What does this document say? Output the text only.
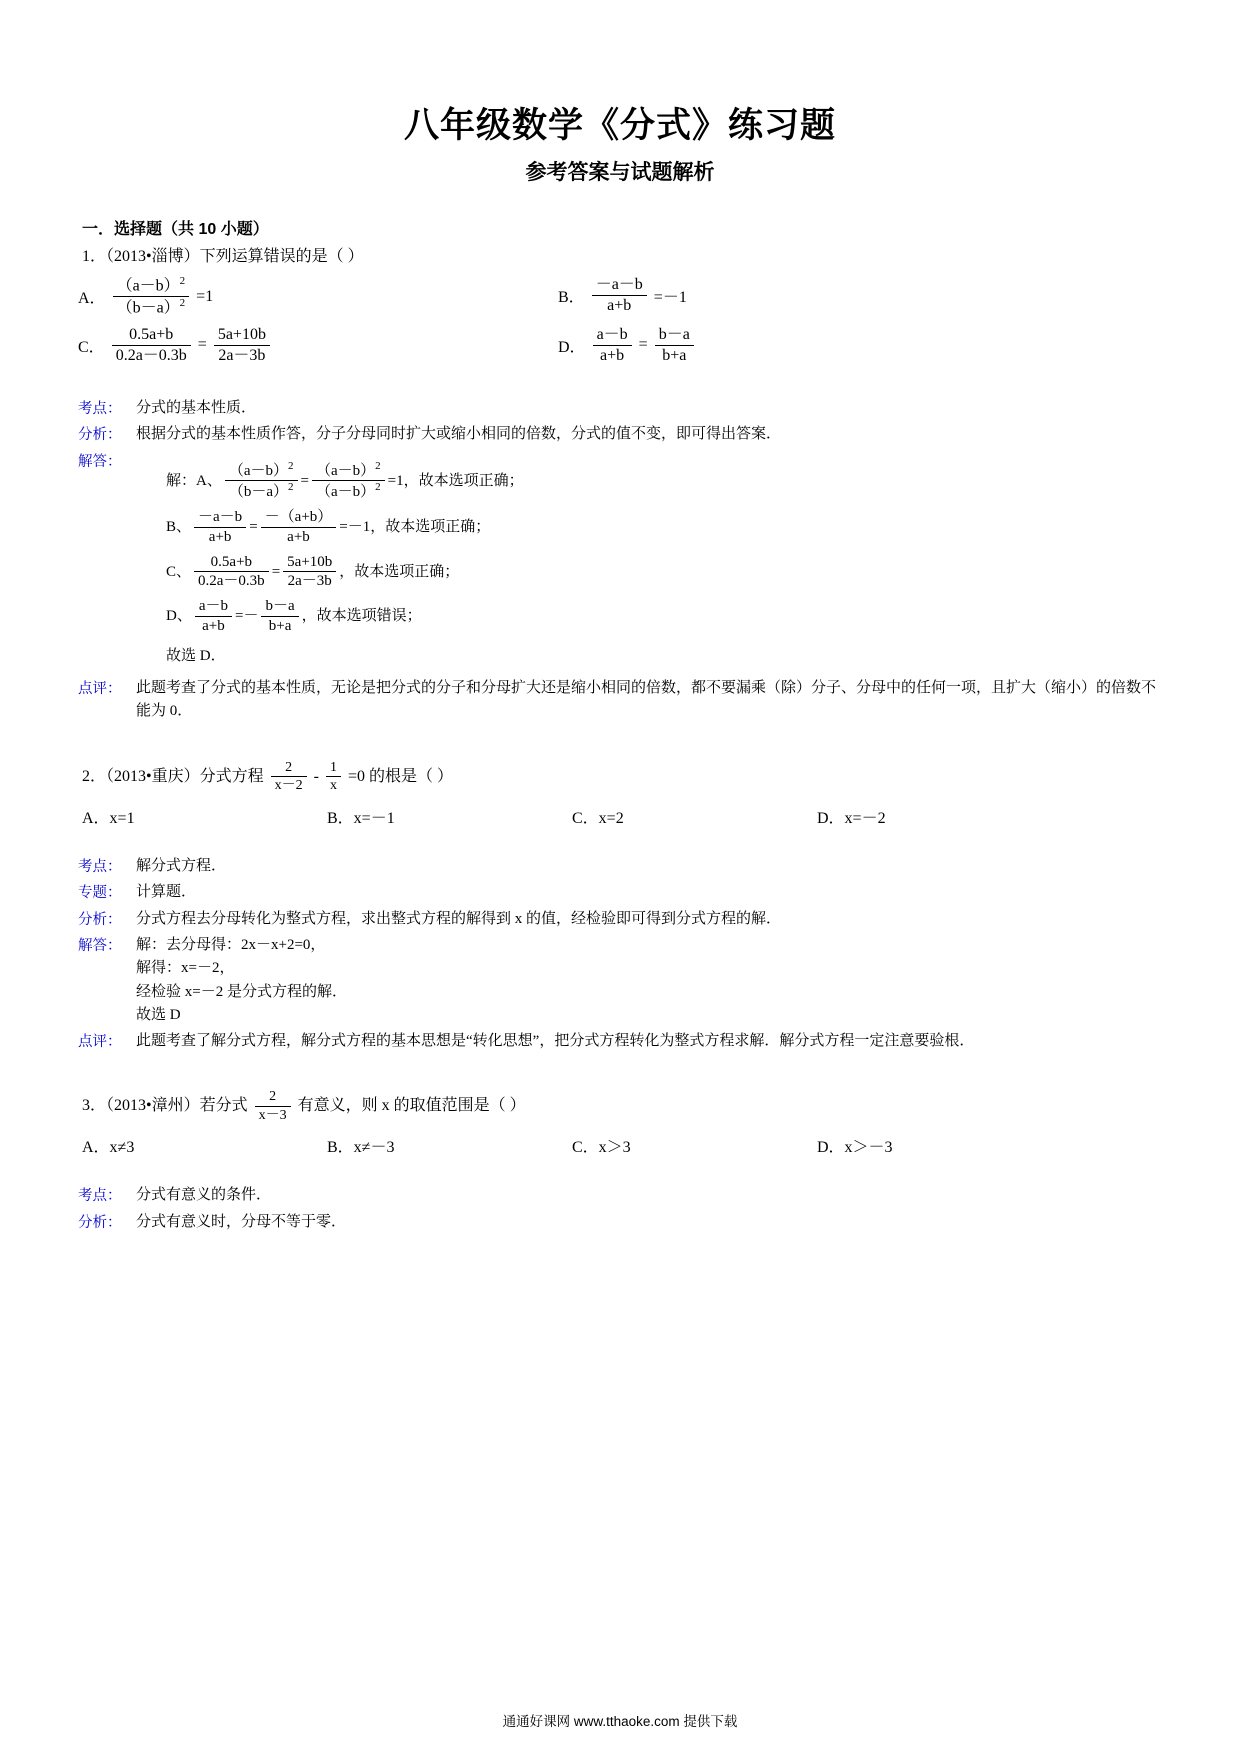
八年级数学《分式》练习题
参考答案与试题解析
一．选择题（共 10 小题）
1．（2013•淄博）下列运算错误的是（ ）
A． $\frac{(a-b)^2}{(b-a)^2} =1$	B． $\frac{-a-b}{a+b} =-1$
C． $\frac{0.5a+b}{0.2a-0.3b} = \frac{5a+10b}{2a-3b}$	D． $\frac{a-b}{a+b} = \frac{b-a}{b+a}$
考点： 分式的基本性质．
分析： 根据分式的基本性质作答，分子分母同时扩大或缩小相同的倍数，分式的值不变，即可得出答案．
解答：
解：A、 $\frac{(a-b)^2}{(b-a)^2} = \frac{(a-b)^2}{(a-b)^2} =1$，故本选项正确；
B、 $\frac{-a-b}{a+b} = \frac{-(a+b)}{a+b} =-1$，故本选项正确；
C、 $\frac{0.5a+b}{0.2a-0.3b} = \frac{5a+10b}{2a-3b}$ ，故本选项正确；
D、 $\frac{a-b}{a+b} =- \frac{b-a}{b+a}$ ，故本选项错误；
故选 D．
点评： 此题考查了分式的基本性质，无论是把分式的分子和分母扩大还是缩小相同的倍数，都不要漏乘（除）分子、分母中的任何一项，且扩大（缩小）的倍数不能为 0．
2．（2013•重庆）分式方程 $\frac{2}{x-2} - \frac{1}{x} =0$ 的根是（ ）
A．x=1	B．x=－1	C．x=2	D．x=－2
考点： 解分式方程．
专题： 计算题．
分析： 分式方程去分母转化为整式方程，求出整式方程的解得到 x 的值，经检验即可得到分式方程的解．
解答： 解：去分母得：2x－x+2=0，
解得：x=－2，
经检验 x=－2 是分式方程的解．
故选 D
点评： 此题考查了解分式方程，解分式方程的基本思想是“转化思想”，把分式方程转化为整式方程求解．解分式方程一定注意要验根．
3．（2013•漳州）若分式 $\frac{2}{x-3}$ 有意义，则 x 的取值范围是（ ）
A．x≠3	B．x≠－3	C．x＞3	D．x＞－3
考点： 分式有意义的条件．
分析： 分式有意义时，分母不等于零．
通通好课网 www.tthaoke.com 提供下载
